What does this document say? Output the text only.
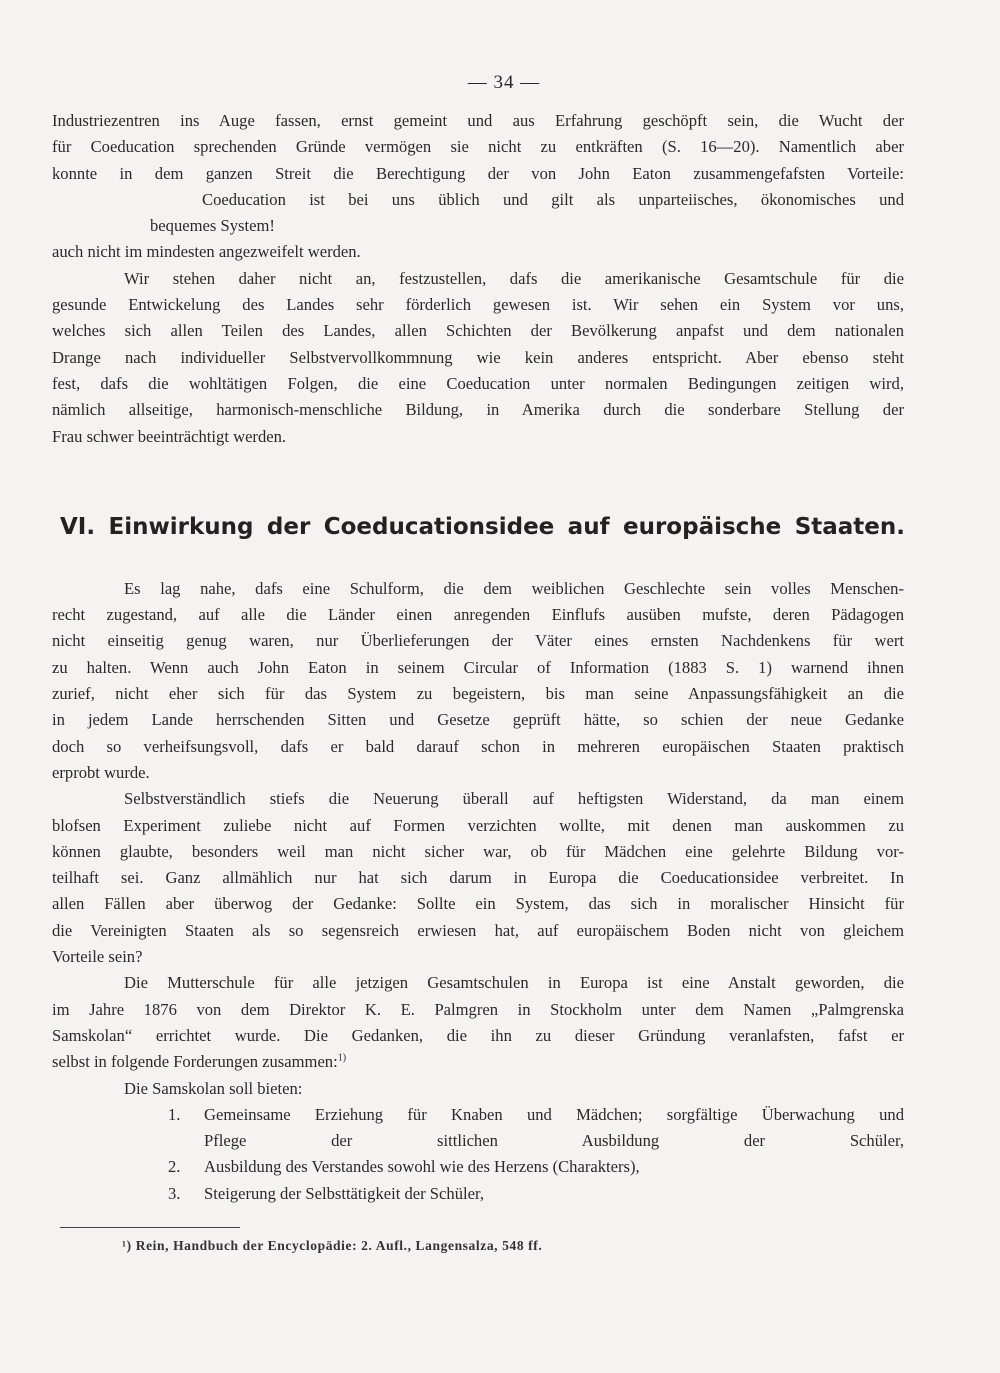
— 34 —
Industriezentren ins Auge fassen, ernst gemeint und aus Erfahrung geschöpft sein, die Wucht der
für Coeducation sprechenden Gründe vermögen sie nicht zu entkräften (S. 16—20). Namentlich aber
konnte in dem ganzen Streit die Berechtigung der von John Eaton zusammengefafsten Vorteile:
Coeducation ist bei uns üblich und gilt als unparteiisches, ökonomisches und
bequemes System!
auch nicht im mindesten angezweifelt werden.
Wir stehen daher nicht an, festzustellen, dafs die amerikanische Gesamtschule für die
gesunde Entwickelung des Landes sehr förderlich gewesen ist. Wir sehen ein System vor uns,
welches sich allen Teilen des Landes, allen Schichten der Bevölkerung anpafst und dem nationalen
Drange nach individueller Selbstvervollkommnung wie kein anderes entspricht. Aber ebenso steht
fest, dafs die wohltätigen Folgen, die eine Coeducation unter normalen Bedingungen zeitigen wird,
nämlich allseitige, harmonisch-menschliche Bildung, in Amerika durch die sonderbare Stellung der
Frau schwer beeinträchtigt werden.
VI. Einwirkung der Coeducationsidee auf europäische Staaten.
Es lag nahe, dafs eine Schulform, die dem weiblichen Geschlechte sein volles Menschen-
recht zugestand, auf alle die Länder einen anregenden Einflufs ausüben mufste, deren Pädagogen
nicht einseitig genug waren, nur Überlieferungen der Väter eines ernsten Nachdenkens für wert
zu halten. Wenn auch John Eaton in seinem Circular of Information (1883 S. 1) warnend ihnen
zurief, nicht eher sich für das System zu begeistern, bis man seine Anpassungsfähigkeit an die
in jedem Lande herrschenden Sitten und Gesetze geprüft hätte, so schien der neue Gedanke
doch so verheifsungsvoll, dafs er bald darauf schon in mehreren europäischen Staaten praktisch
erprobt wurde.
Selbstverständlich stiefs die Neuerung überall auf heftigsten Widerstand, da man einem
blofsen Experiment zuliebe nicht auf Formen verzichten wollte, mit denen man auskommen zu
können glaubte, besonders weil man nicht sicher war, ob für Mädchen eine gelehrte Bildung vor-
teilhaft sei. Ganz allmählich nur hat sich darum in Europa die Coeducationsidee verbreitet. In
allen Fällen aber überwog der Gedanke: Sollte ein System, das sich in moralischer Hinsicht für
die Vereinigten Staaten als so segensreich erwiesen hat, auf europäischem Boden nicht von gleichem
Vorteile sein?
Die Mutterschule für alle jetzigen Gesamtschulen in Europa ist eine Anstalt geworden, die
im Jahre 1876 von dem Direktor K. E. Palmgren in Stockholm unter dem Namen „Palmgrenska
Samskolan“ errichtet wurde. Die Gedanken, die ihn zu dieser Gründung veranlafsten, fafst er
selbst in folgende Forderungen zusammen:$^{1)}$
Die Samskolan soll bieten:
1. Gemeinsame Erziehung für Knaben und Mädchen; sorgfältige Überwachung und
Pflege der sittlichen Ausbildung der Schüler,
2. Ausbildung des Verstandes sowohl wie des Herzens (Charakters),
3. Steigerung der Selbsttätigkeit der Schüler,
¹) Rein, Handbuch der Encyclopädie: 2. Aufl., Langensalza, 548 ff.
